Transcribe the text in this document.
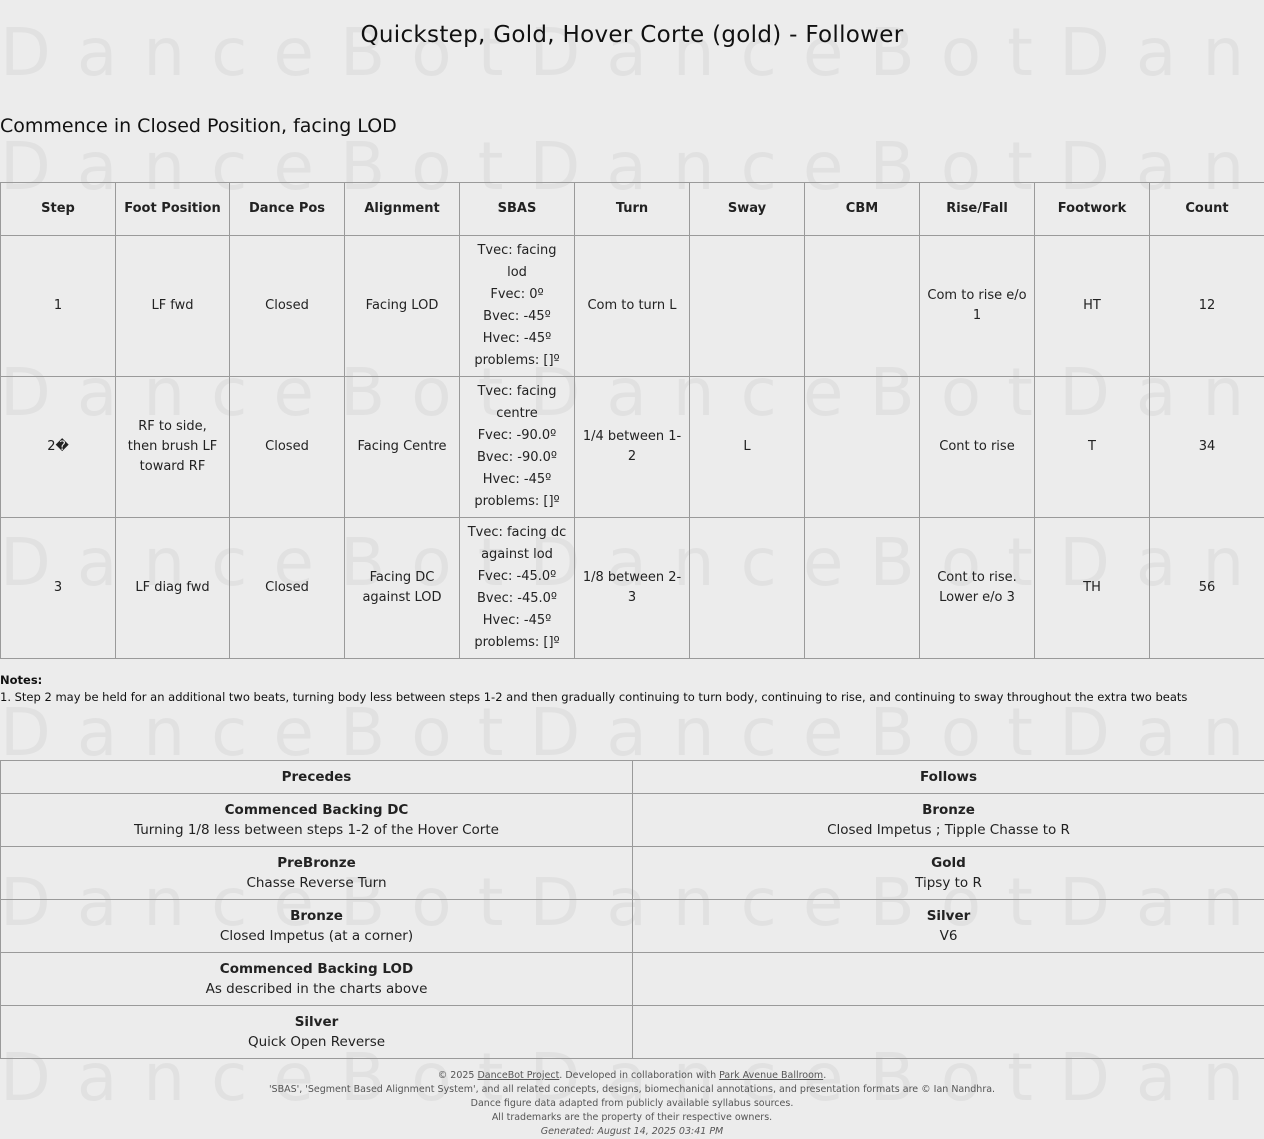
Quickstep, Gold, Hover Corte (gold) - Follower
Commence in Closed Position, facing LOD
Step	Foot Position	Dance Pos	Alignment	SBAS	Turn	Sway	CBM	Rise/Fall	Footwork	Count
1	LF fwd	Closed	Facing LOD	Tvec: facing lod
Fvec: 0º
Bvec: -45º
Hvec: -45º
problems: []º	Com to turn L			Com to rise e/o 1	HT	12
2�	RF to side, then brush LF toward RF	Closed	Facing Centre	Tvec: facing centre
Fvec: -90.0º
Bvec: -90.0º
Hvec: -45º
problems: []º	1/4 between 1-2	L		Cont to rise	T	34
3	LF diag fwd	Closed	Facing DC against LOD	Tvec: facing dc against lod
Fvec: -45.0º
Bvec: -45.0º
Hvec: -45º
problems: []º	1/8 between 2-3			Cont to rise. Lower e/o 3	TH	56
Notes:
1. Step 2 may be held for an additional two beats, turning body less between steps 1-2 and then gradually continuing to turn body, continuing to rise, and continuing to sway throughout the extra two beats
Precedes	Follows

Commenced Backing DC
Turning 1/8 less between steps 1-2 of the Hover Corte	Bronze
Closed Impetus ; Tipple Chasse to R

PreBronze
Chasse Reverse Turn	Gold
Tipsy to R

Bronze
Closed Impetus (at a corner)	Silver
V6

Commenced Backing LOD
As described in the charts above	

Silver
Quick Open Reverse	

© 2025 DanceBot Project. Developed in collaboration with Park Avenue Ballroom.
'SBAS', 'Segment Based Alignment System', and all related concepts, designs, biomechanical annotations, and presentation formats are © Ian Nandhra.
Dance figure data adapted from publicly available syllabus sources.
All trademarks are the property of their respective owners.
Generated: August 14, 2025 03:41 PM
